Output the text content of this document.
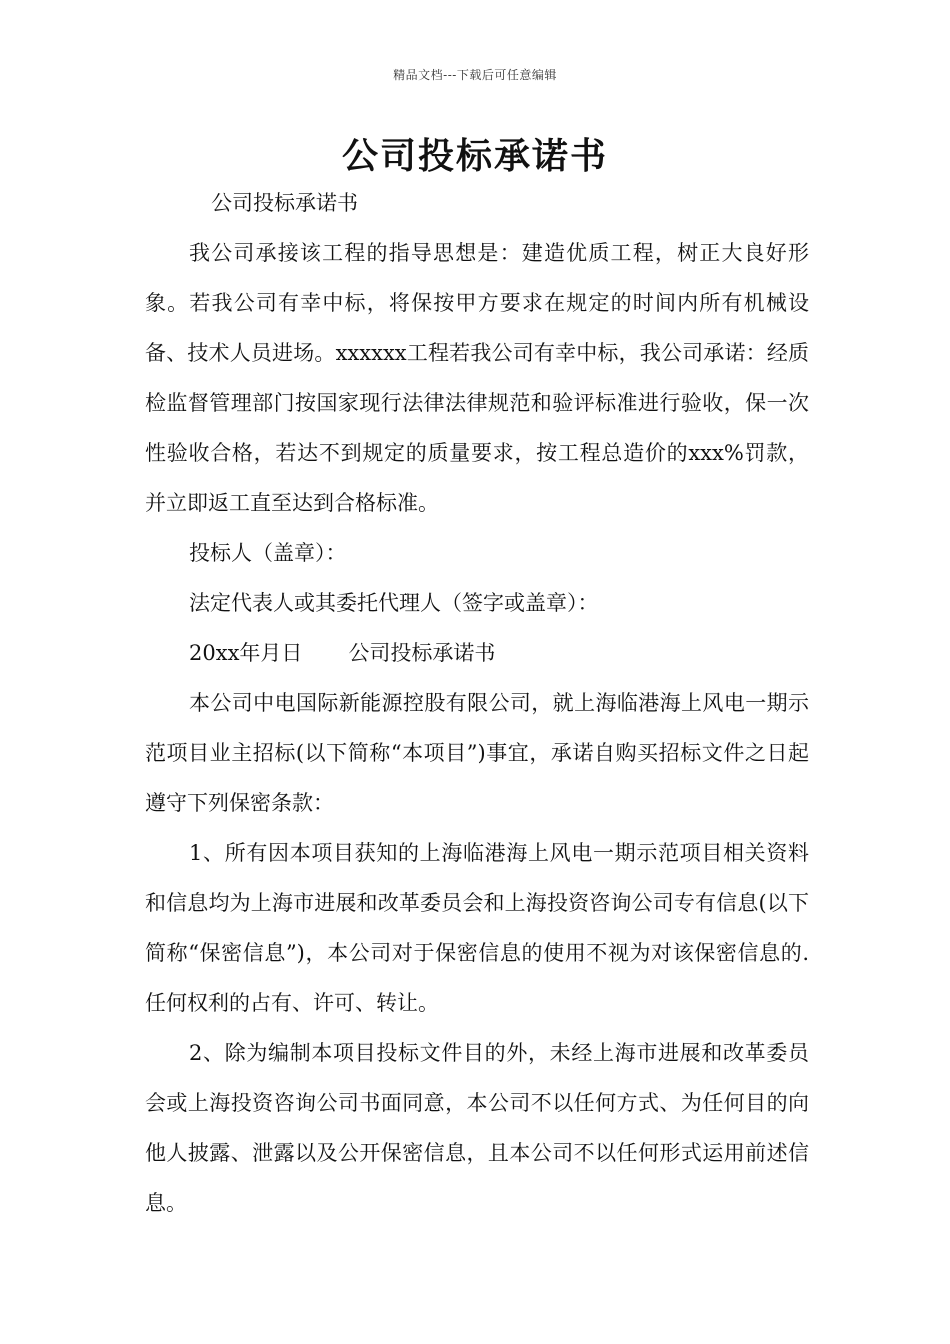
精品文档---下载后可任意编辑
公司投标承诺书

公司投标承诺书

我公司承接该工程的指导思想是：建造优质工程，树正大良好形象。若我公司有幸中标，将保按甲方要求在规定的时间内所有机械设备、技术人员进场。xxxxxx工程若我公司有幸中标，我公司承诺：经质检监督管理部门按国家现行法律法律规范和验评标准进行验收，保一次性验收合格，若达不到规定的质量要求，按工程总造价的xxx%罚款，并立即返工直至达到合格标准。

投标人（盖章）：

法定代表人或其委托代理人（签字或盖章）：

20xx年月日 公司投标承诺书

本公司中电国际新能源控股有限公司，就上海临港海上风电一期示范项目业主招标(以下简称“本项目”)事宜，承诺自购买招标文件之日起遵守下列保密条款：

1、所有因本项目获知的上海临港海上风电一期示范项目相关资料和信息均为上海市进展和改革委员会和上海投资咨询公司专有信息(以下简称“保密信息”)，本公司对于保密信息的使用不视为对该保密信息的.任何权利的占有、许可、转让。

2、除为编制本项目投标文件目的外，未经上海市进展和改革委员会或上海投资咨询公司书面同意，本公司不以任何方式、为任何目的向他人披露、泄露以及公开保密信息，且本公司不以任何形式运用前述信息。
